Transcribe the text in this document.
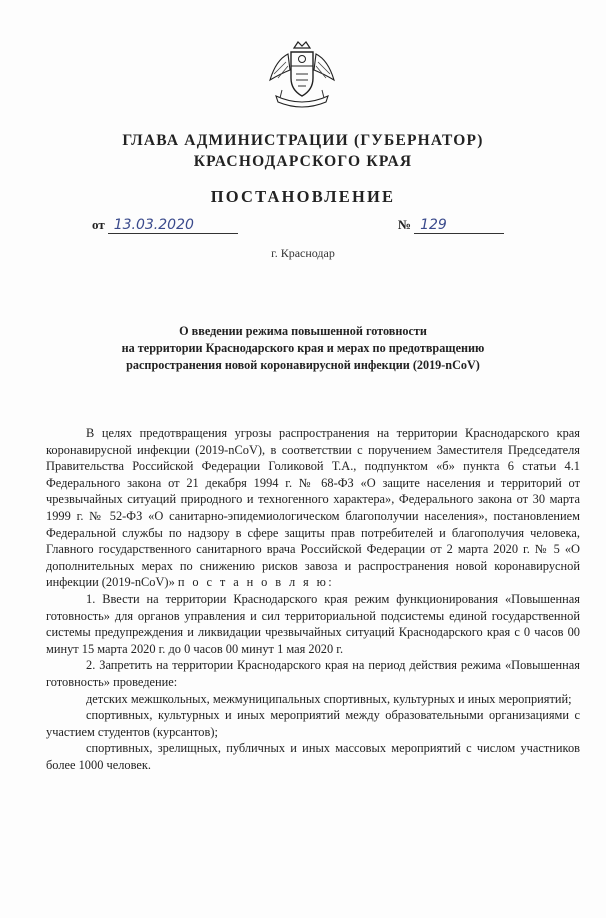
ГЛАВА АДМИНИСТРАЦИИ (ГУБЕРНАТОР)
КРАСНОДАРСКОГО КРАЯ
ПОСТАНОВЛЕНИЕ
от 13.03.2020	№ 129
г. Краснодар
О введении режима повышенной готовности
на территории Краснодарского края и мерах по предотвращению
распространения новой коронавирусной инфекции (2019-nCoV)

В целях предотвращения угрозы распространения на территории Краснодарского края коронавирусной инфекции (2019-nCoV), в соответствии с поручением Заместителя Председателя Правительства Российской Федерации Голиковой Т.А., подпунктом «б» пункта 6 статьи 4.1 Федерального закона от 21 декабря 1994 г. № 68-ФЗ «О защите населения и территорий от чрезвычайных ситуаций природного и техногенного характера», Федерального закона от 30 марта 1999 г. № 52-ФЗ «О санитарно-эпидемиологическом благополучии населения», постановлением Федеральной службы по надзору в сфере защиты прав потребителей и благополучия человека, Главного государственного санитарного врача Российской Федерации от 2 марта 2020 г. № 5 «О дополнительных мерах по снижению рисков завоза и распространения новой коронавирусной инфекции (2019-nCoV)» п о с т а н о в л я ю:

1. Ввести на территории Краснодарского края режим функционирования «Повышенная готовность» для органов управления и сил территориальной подсистемы единой государственной системы предупреждения и ликвидации чрезвычайных ситуаций Краснодарского края с 0 часов 00 минут 15 марта 2020 г. до 0 часов 00 минут 1 мая 2020 г.

2. Запретить на территории Краснодарского края на период действия режима «Повышенная готовность» проведение:

детских межшкольных, межмуниципальных спортивных, культурных и иных мероприятий;

спортивных, культурных и иных мероприятий между образовательными организациями с участием студентов (курсантов);

спортивных, зрелищных, публичных и иных массовых мероприятий с числом участников более 1000 человек.
